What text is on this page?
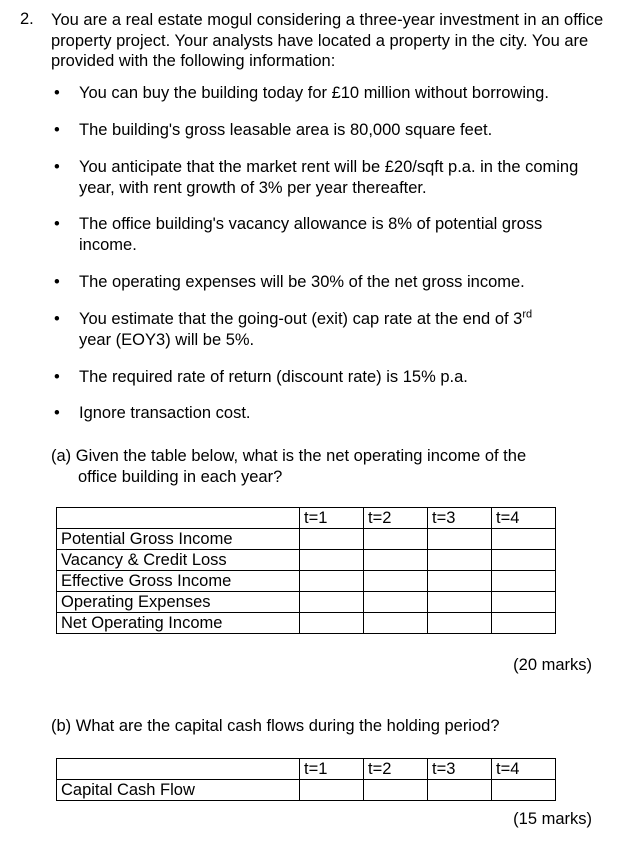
2. You are a real estate mogul considering a three-year investment in an office property project. Your analysts have located a property in the city. You are provided with the following information:
• You can buy the building today for £10 million without borrowing.
• The building's gross leasable area is 80,000 square feet.
• You anticipate that the market rent will be £20/sqft p.a. in the coming year, with rent growth of 3% per year thereafter.
• The office building's vacancy allowance is 8% of potential gross income.
• The operating expenses will be 30% of the net gross income.
• You estimate that the going-out (exit) cap rate at the end of 3rd
year (EOY3) will be 5%.
• The required rate of return (discount rate) is 15% p.a.
• Ignore transaction cost.
(a) Given the table below, what is the net operating income of the
office building in each year?
	t=1	t=2	t=3	t=4
Potential Gross Income				
Vacancy & Credit Loss				
Effective Gross Income				
Operating Expenses				
Net Operating Income				
(20 marks)
(b) What are the capital cash flows during the holding period?
	t=1	t=2	t=3	t=4
Capital Cash Flow				
(15 marks)
